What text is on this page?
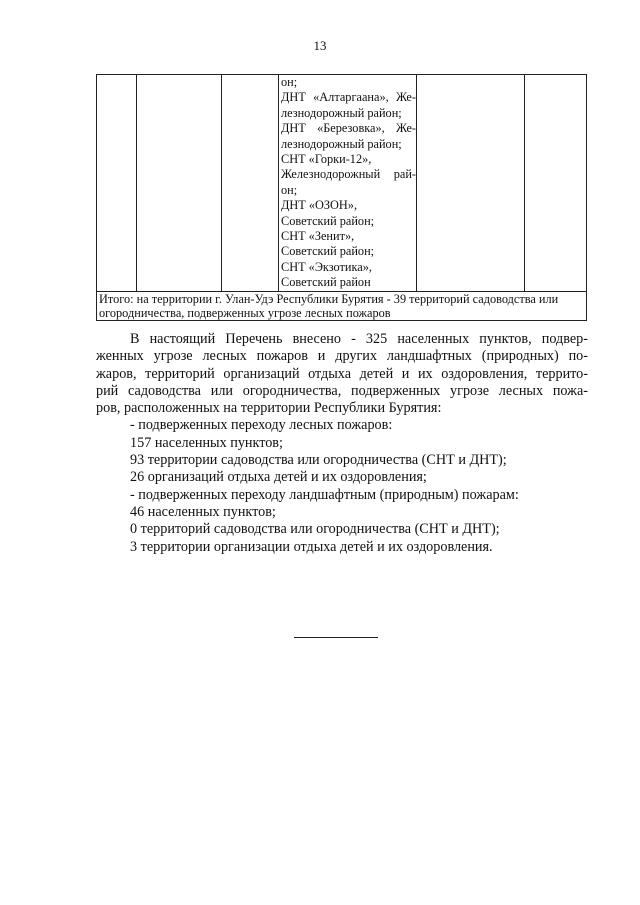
13

он;
ДНТ «Алтаргаана», Же-
лезнодорожный район;
ДНТ «Березовка», Же-
лезнодорожный район;
СНТ «Горки-12»,
Железнодорожный рай-
он;
ДНТ «ОЗОН»,
Советский район;
СНТ «Зенит»,
Советский район;
СНТ «Экзотика»,
Советский район

Итого: на территории г. Улан-Удэ Республики Бурятия - 39 территорий садоводства или огородничества, подверженных угрозе лесных пожаров
В настоящий Перечень внесено - 325 населенных пунктов, подвер-
женных угрозе лесных пожаров и других ландшафтных (природных) по-
жаров, территорий организаций отдыха детей и их оздоровления, террито-
рий садоводства или огородничества, подверженных угрозе лесных пожа-
ров, расположенных на территории Республики Бурятия:
- подверженных переходу лесных пожаров:
157 населенных пунктов;
93 территории садоводства или огородничества (СНТ и ДНТ);
26 организаций отдыха детей и их оздоровления;
- подверженных переходу ландшафтным (природным) пожарам:
46 населенных пунктов;
0 территорий садоводства или огородничества (СНТ и ДНТ);
3 территории организации отдыха детей и их оздоровления.
